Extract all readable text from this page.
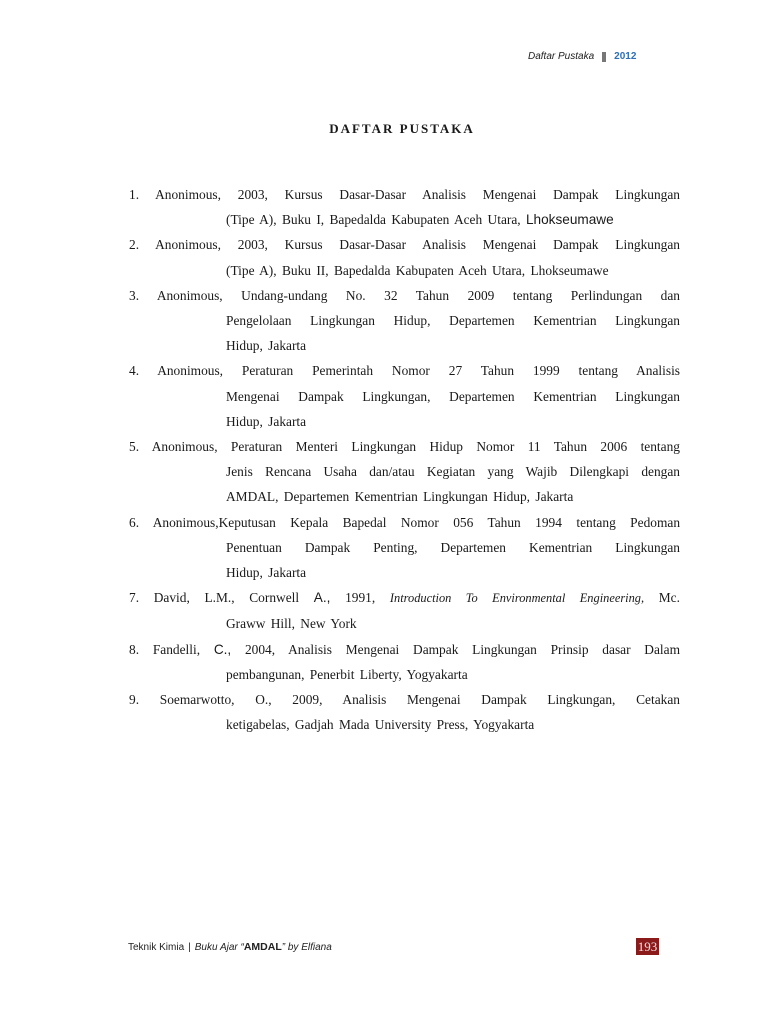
Daftar Pustaka 2012
DAFTAR PUSTAKA
1. Anonimous, 2003, Kursus Dasar-Dasar Analisis Mengenai Dampak Lingkungan
(Tipe A), Buku I, Bapedalda Kabupaten Aceh Utara, Lhokseumawe
2. Anonimous, 2003, Kursus Dasar-Dasar Analisis Mengenai Dampak Lingkungan
(Tipe A), Buku II, Bapedalda Kabupaten Aceh Utara, Lhokseumawe
3. Anonimous, Undang-undang No. 32 Tahun 2009 tentang Perlindungan dan
Pengelolaan Lingkungan Hidup, Departemen Kementrian Lingkungan
Hidup, Jakarta
4. Anonimous, Peraturan Pemerintah Nomor 27 Tahun 1999 tentang Analisis
Mengenai Dampak Lingkungan, Departemen Kementrian Lingkungan
Hidup, Jakarta
5. Anonimous, Peraturan Menteri Lingkungan Hidup Nomor 11 Tahun 2006 tentang
Jenis Rencana Usaha dan/atau Kegiatan yang Wajib Dilengkapi dengan
AMDAL, Departemen Kementrian Lingkungan Hidup, Jakarta
6. Anonimous,Keputusan Kepala Bapedal Nomor 056 Tahun 1994 tentang Pedoman
Penentuan Dampak Penting, Departemen Kementrian Lingkungan
Hidup, Jakarta
7. David, L.M., Cornwell A., 1991, Introduction To Environmental Engineering, Mc.
Graww Hill, New York
8. Fandelli, C., 2004, Analisis Mengenai Dampak Lingkungan Prinsip dasar Dalam
pembangunan, Penerbit Liberty, Yogyakarta
9. Soemarwotto, O., 2009, Analisis Mengenai Dampak Lingkungan, Cetakan
ketigabelas, Gadjah Mada University Press, Yogyakarta
Teknik Kimia | Buku Ajar “AMDAL” by Elfiana	193
